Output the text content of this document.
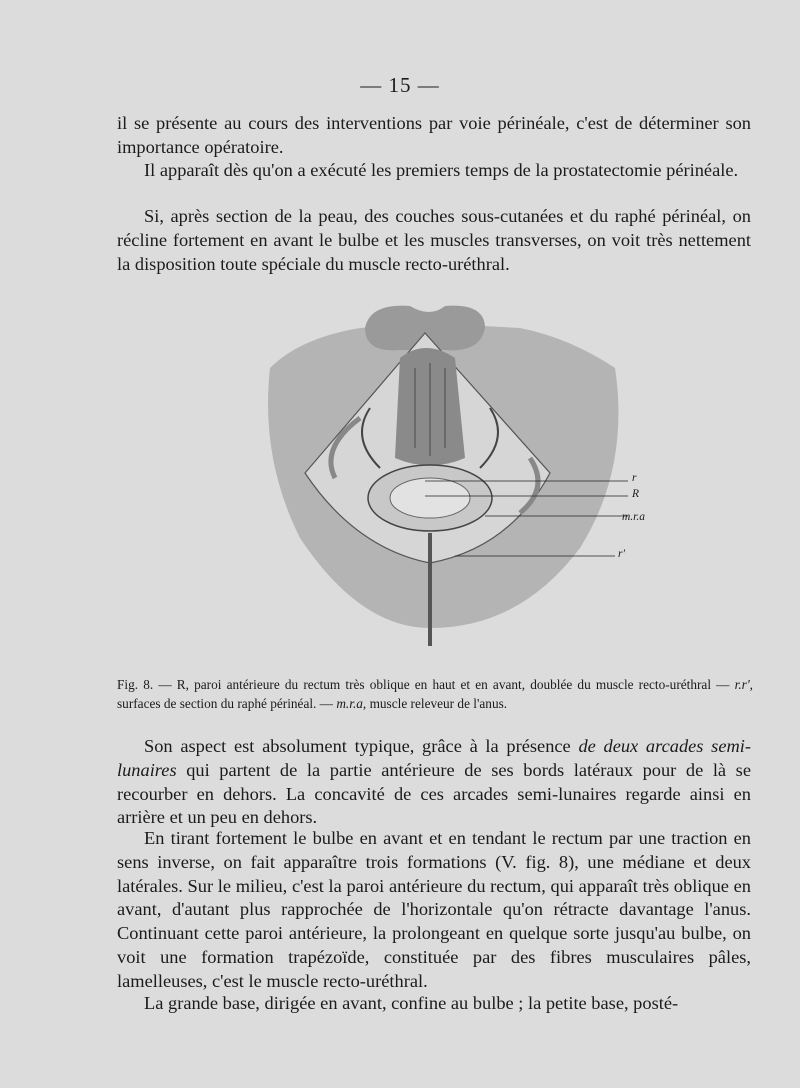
— 15 —

il se présente au cours des interventions par voie périnéale, c'est de déterminer son importance opératoire.

Il apparaît dès qu'on a exécuté les premiers temps de la prostatectomie périnéale.

Si, après section de la peau, des couches sous-cutanées et du raphé périnéal, on récline fortement en avant le bulbe et les muscles transverses, on voit très nettement la disposition toute spéciale du muscle recto-uréthral.

r
R
m.r.a
r'

Fig. 8. — R, paroi antérieure du rectum très oblique en haut et en avant, doublée du muscle recto-uréthral — r.r', surfaces de section du raphé périnéal. — m.r.a, muscle releveur de l'anus.

Son aspect est absolument typique, grâce à la présence de deux arcades semi-lunaires qui partent de la partie antérieure de ses bords latéraux pour de là se recourber en dehors. La concavité de ces arcades semi-lunaires regarde ainsi en arrière et un peu en dehors.

En tirant fortement le bulbe en avant et en tendant le rectum par une traction en sens inverse, on fait apparaître trois formations (V. fig. 8), une médiane et deux latérales. Sur le milieu, c'est la paroi antérieure du rectum, qui apparaît très oblique en avant, d'autant plus rapprochée de l'horizontale qu'on rétracte davantage l'anus. Continuant cette paroi antérieure, la prolongeant en quelque sorte jusqu'au bulbe, on voit une formation trapézoïde, constituée par des fibres musculaires pâles, lamelleuses, c'est le muscle recto-uréthral.

La grande base, dirigée en avant, confine au bulbe ; la petite base, posté-
